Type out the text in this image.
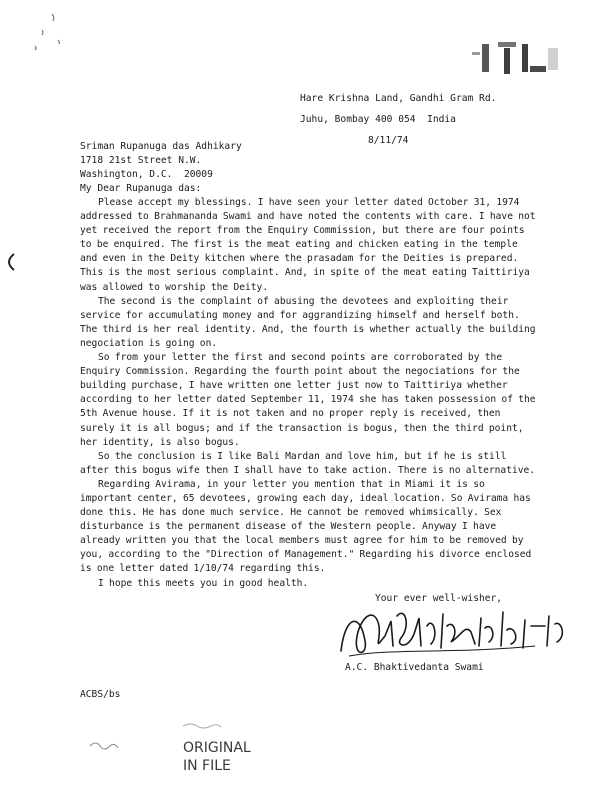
Hare Krishna Land, Gandhi Gram Rd.
Juhu, Bombay 400 054  India
8/11/74
Sriman Rupanuga das Adhikary
1718 21st Street N.W.
Washington, D.C.  20009
My Dear Rupanuga das:

Please accept my blessings. I have seen your letter dated October 31, 1974 addressed to Brahmananda Swami and have noted the contents with care. I have not yet received the report from the Enquiry Commission, but there are four points to be enquired. The first is the meat eating and chicken eating in the temple and even in the Deity kitchen where the prasadam for the Deities is prepared. This is the most serious complaint. And, in spite of the meat eating Taittiriya was allowed to worship the Deity.

The second is the complaint of abusing the devotees and exploiting their service for accumulating money and for aggrandizing himself and herself both. The third is her real identity. And, the fourth is whether actually the building negociation is going on.

So from your letter the first and second points are corroborated by the Enquiry Commission. Regarding the fourth point about the negociations for the building purchase, I have written one letter just now to Taittiriya whether according to her letter dated September 11, 1974 she has taken possession of the 5th Avenue house. If it is not taken and no proper reply is received, then surely it is all bogus; and if the transaction is bogus, then the third point, her identity, is also bogus.

So the conclusion is I like Bali Mardan and love him, but if he is still after this bogus wife then I shall have to take action. There is no alternative.

Regarding Avirama, in your letter you mention that in Miami it is so important center, 65 devotees, growing each day, ideal location. So Avirama has done this. He has done much service. He cannot be removed whimsically. Sex disturbance is the permanent disease of the Western people. Anyway I have already written you that the local members must agree for him to be removed by you, according to the "Direction of Management." Regarding his divorce enclosed is one letter dated 1/10/74 regarding this.

I hope this meets you in good health.

Your ever well-wisher,
A.C. Bhaktivedanta Swami
ACBS/bs
ORIGINAL
IN FILE
